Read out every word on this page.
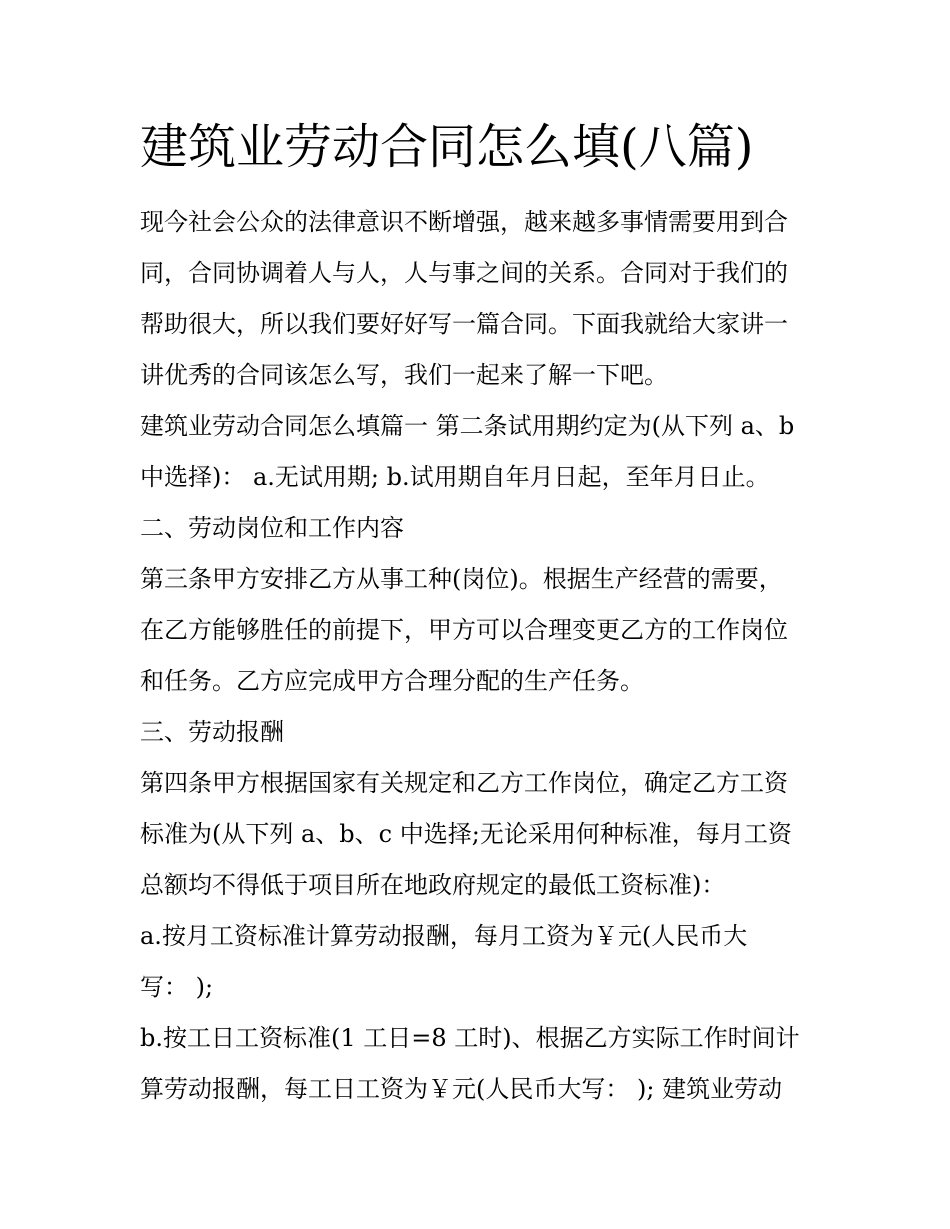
建筑业劳动合同怎么填(八篇)

现今社会公众的法律意识不断增强，越来越多事情需要用到合

同，合同协调着人与人，人与事之间的关系。合同对于我们的

帮助很大，所以我们要好好写一篇合同。下面我就给大家讲一

讲优秀的合同该怎么写，我们一起来了解一下吧。

建筑业劳动合同怎么填篇一 第二条试用期约定为(从下列 a、b

中选择)： a.无试用期; b.试用期自年月日起，至年月日止。

二、劳动岗位和工作内容

第三条甲方安排乙方从事工种(岗位)。根据生产经营的需要，

在乙方能够胜任的前提下，甲方可以合理变更乙方的工作岗位

和任务。乙方应完成甲方合理分配的生产任务。

三、劳动报酬

第四条甲方根据国家有关规定和乙方工作岗位，确定乙方工资

标准为(从下列 a、b、c 中选择;无论采用何种标准，每月工资

总额均不得低于项目所在地政府规定的最低工资标准)：

a.按月工资标准计算劳动报酬，每月工资为￥元(人民币大

写： );

b.按工日工资标准(1 工日=8 工时)、根据乙方实际工作时间计

算劳动报酬，每工日工资为￥元(人民币大写： ); 建筑业劳动
